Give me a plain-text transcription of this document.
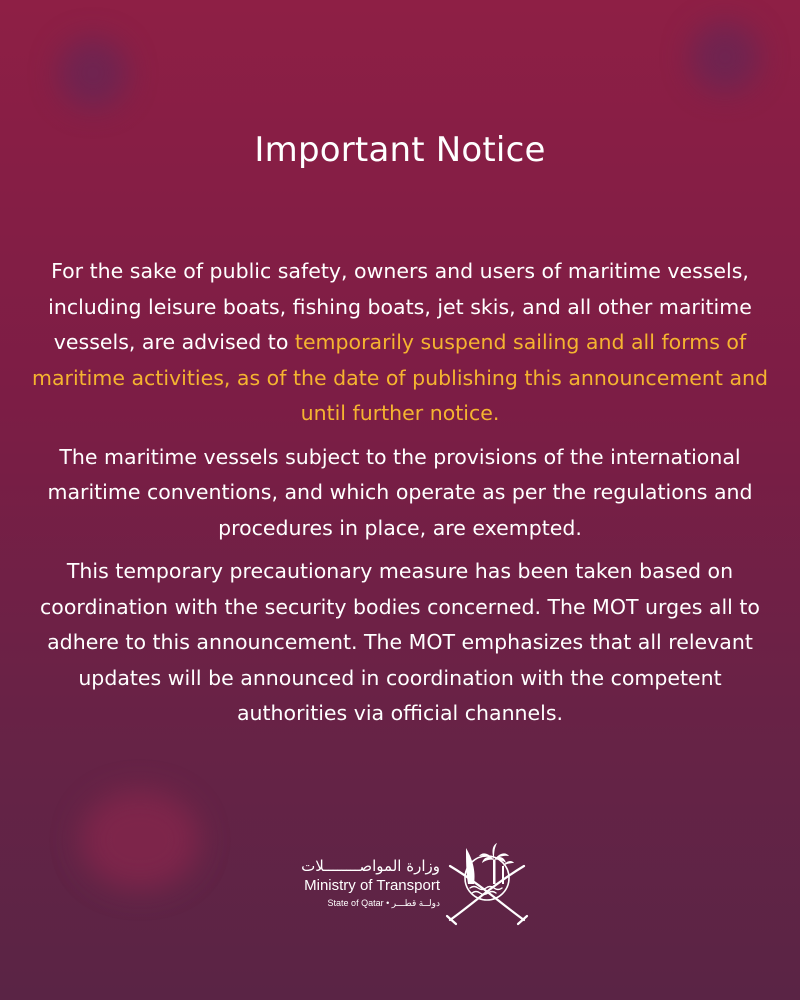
Important Notice

For the sake of public safety, owners and users of maritime vessels, including leisure boats, fishing boats, jet skis, and all other maritime vessels, are advised to temporarily suspend sailing and all forms of maritime activities, as of the date of publishing this announcement and until further notice.

The maritime vessels subject to the provisions of the international maritime conventions, and which operate as per the regulations and procedures in place, are exempted.

This temporary precautionary measure has been taken based on coordination with the security bodies concerned. The MOT urges all to adhere to this announcement. The MOT emphasizes that all relevant updates will be announced in coordination with the competent authorities via official channels.

وزارة المواصــــــــلات
Ministry of Transport
State of Qatar • دولــة قطـــر
